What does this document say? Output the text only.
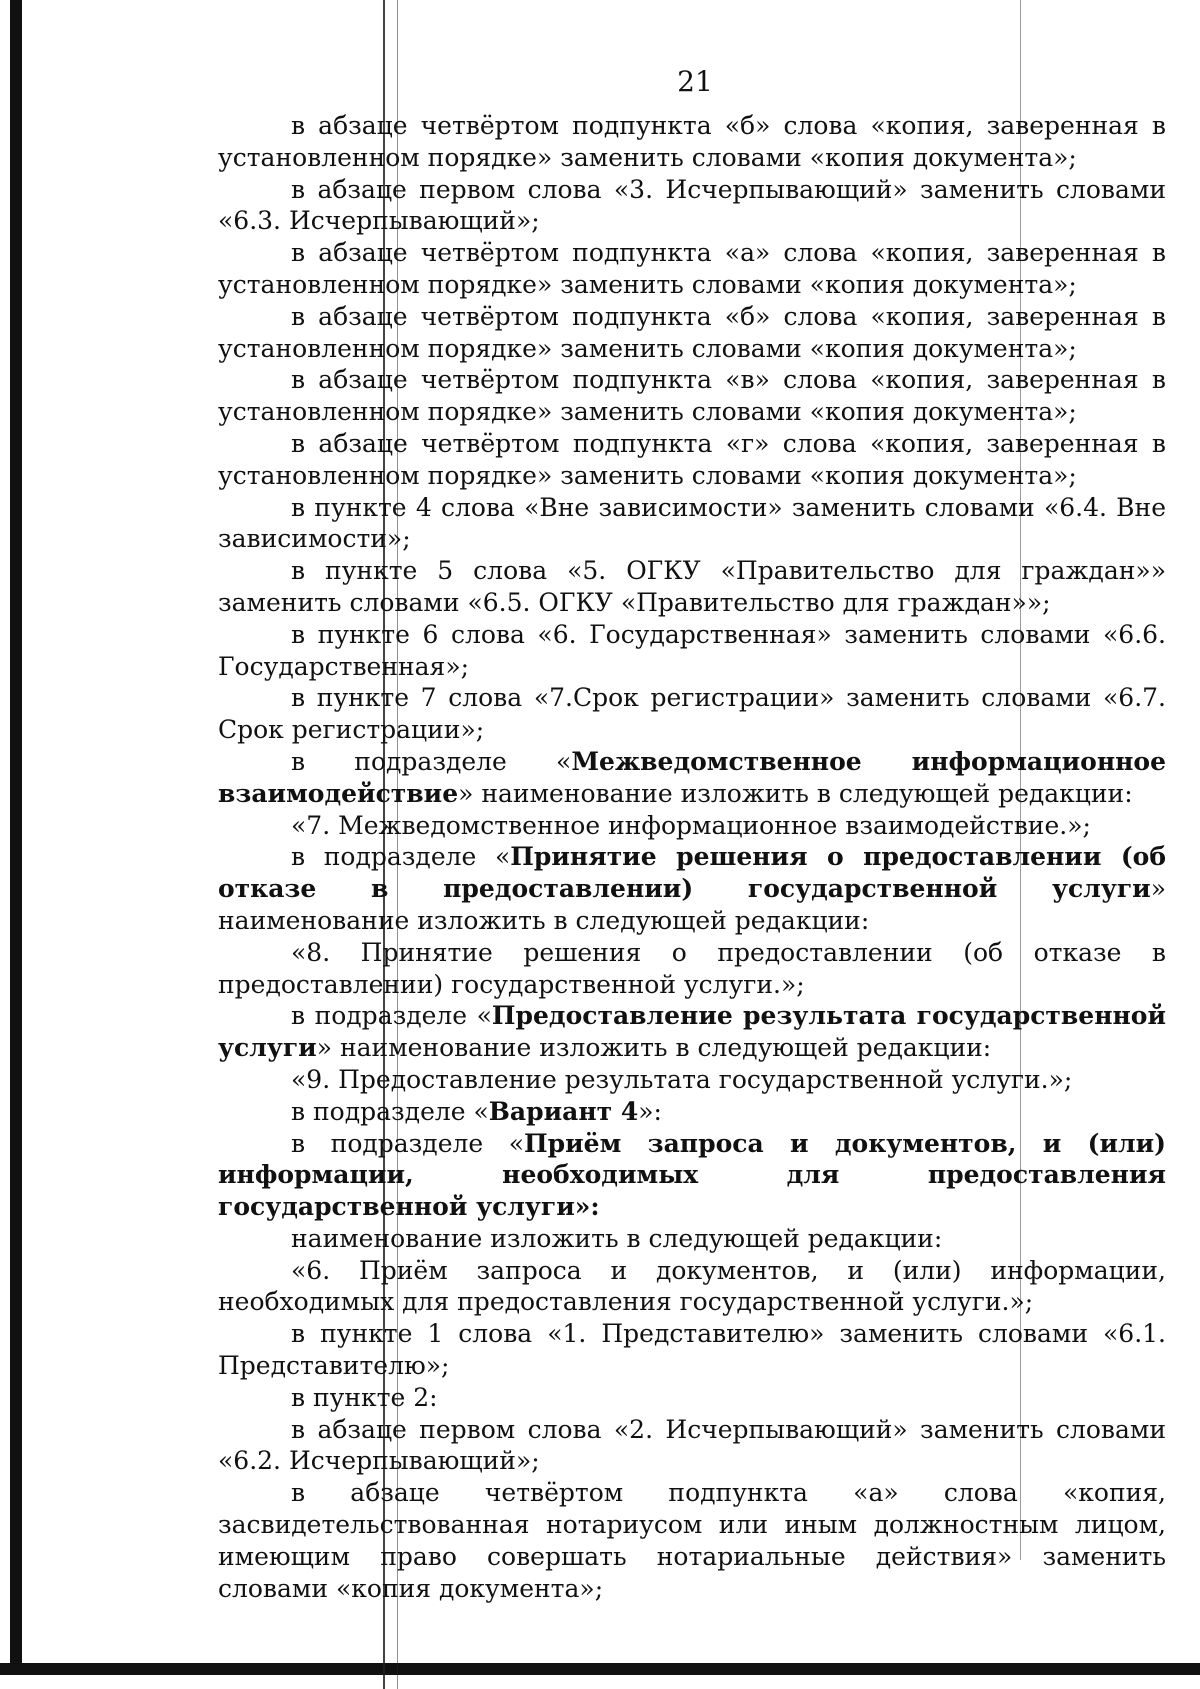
21

в абзаце четвёртом подпункта «б» слова «копия, заверенная в установленном порядке» заменить словами «копия документа»;

в абзаце первом слова «3. Исчерпывающий» заменить словами «6.3. Исчерпывающий»;

в абзаце четвёртом подпункта «а» слова «копия, заверенная в установленном порядке» заменить словами «копия документа»;

в абзаце четвёртом подпункта «б» слова «копия, заверенная в установленном порядке» заменить словами «копия документа»;

в абзаце четвёртом подпункта «в» слова «копия, заверенная в установленном порядке» заменить словами «копия документа»;

в абзаце четвёртом подпункта «г» слова «копия, заверенная в установленном порядке» заменить словами «копия документа»;

в пункте 4 слова «Вне зависимости» заменить словами «6.4. Вне зависимости»;

в пункте 5 слова «5. ОГКУ «Правительство для граждан»» заменить словами «6.5. ОГКУ «Правительство для граждан»»;

в пункте 6 слова «6. Государственная» заменить словами «6.6. Государственная»;

в пункте 7 слова «7.Срок регистрации» заменить словами «6.7. Срок регистрации»;

в подразделе «Межведомственное информационное взаимодействие» наименование изложить в следующей редакции:

«7. Межведомственное информационное взаимодействие.»;

в подразделе «Принятие решения о предоставлении (об отказе в предоставлении) государственной услуги» наименование изложить в следующей редакции:

«8. Принятие решения о предоставлении (об отказе в предоставлении) государственной услуги.»;

в подразделе «Предоставление результата государственной услуги» наименование изложить в следующей редакции:

«9. Предоставление результата государственной услуги.»;

в подразделе «Вариант 4»:

в подразделе «Приём запроса и документов, и (или) информации, необходимых для предоставления государственной услуги»:

наименование изложить в следующей редакции:

«6. Приём запроса и документов, и (или) информации, необходимых для предоставления государственной услуги.»;

в пункте 1 слова «1. Представителю» заменить словами «6.1. Представителю»;

в пункте 2:

в абзаце первом слова «2. Исчерпывающий» заменить словами «6.2. Исчерпывающий»;

в абзаце четвёртом подпункта «а» слова «копия, засвидетельствованная нотариусом или иным должностным лицом, имеющим право совершать нотариальные действия» заменить словами «копия документа»;
